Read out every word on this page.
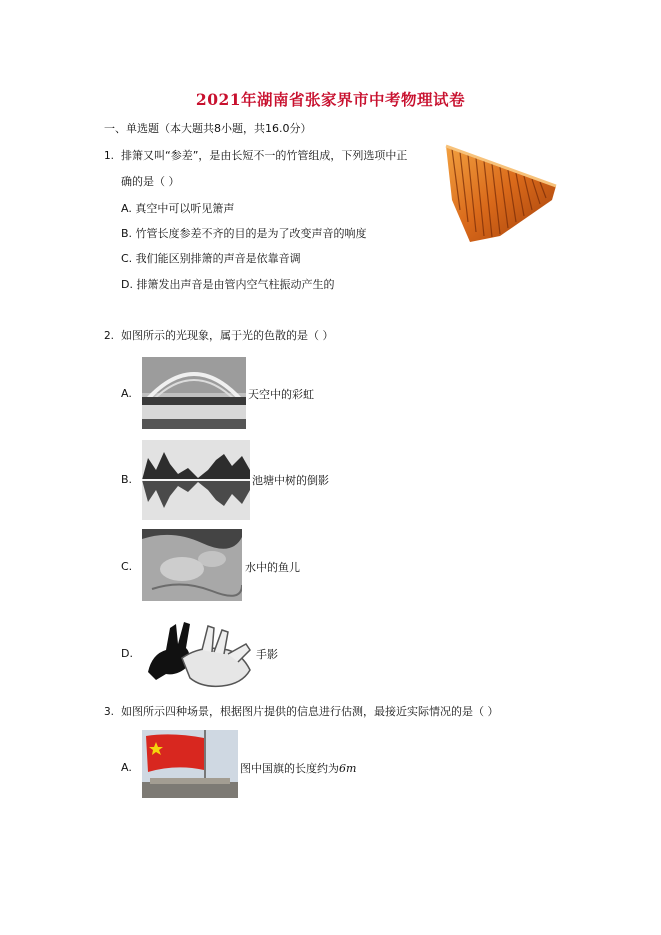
2021年湖南省张家界市中考物理试卷
一、单选题（本大题共8小题，共16.0分）
1. 排箫又叫“参差”，是由长短不一的竹管组成，下列选项中正
确的是（ ）
A. 真空中可以听见箫声
B. 竹管长度参差不齐的目的是为了改变声音的响度
C. 我们能区别排箫的声音是依靠音调
D. 排箫发出声音是由管内空气柱振动产生的
2. 如图所示的光现象，属于光的色散的是（ ）
A.	天空中的彩虹
B.	池塘中树的倒影
C.	水中的鱼儿
D.	手影
3. 如图所示四种场景，根据图片提供的信息进行估测，最接近实际情况的是（ ）
A.	图中国旗的长度约为6m
